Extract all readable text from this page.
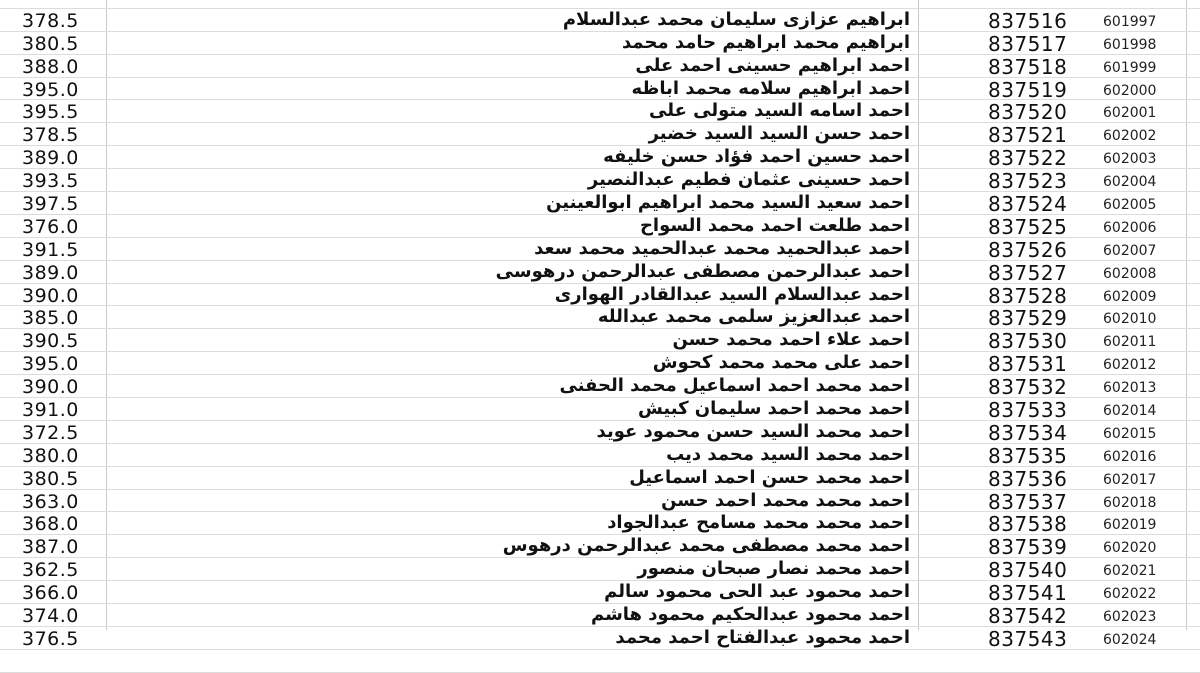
378.5	ابراهيم عزازى سليمان محمد عبدالسلام	837516	601997
380.5	ابراهيم محمد ابراهيم حامد محمد	837517	601998
388.0	احمد ابراهيم حسينى احمد على	837518	601999
395.0	احمد ابراهيم سلامه محمد اباظه	837519	602000
395.5	احمد اسامه السيد متولى على	837520	602001
378.5	احمد حسن السيد السيد خضير	837521	602002
389.0	احمد حسين احمد فؤاد حسن خليفه	837522	602003
393.5	احمد حسينى عثمان فطيم عبدالنصير	837523	602004
397.5	احمد سعيد السيد محمد ابراهيم ابوالعينين	837524	602005
376.0	احمد طلعت احمد محمد السواح	837525	602006
391.5	احمد عبدالحميد محمد عبدالحميد محمد سعد	837526	602007
389.0	احمد عبدالرحمن مصطفى عبدالرحمن درهوسى	837527	602008
390.0	احمد عبدالسلام السيد عبدالقادر الهوارى	837528	602009
385.0	احمد عبدالعزيز سلمى محمد عبدالله	837529	602010
390.5	احمد علاء احمد محمد حسن	837530	602011
395.0	احمد على محمد محمد كحوش	837531	602012
390.0	احمد محمد احمد اسماعيل محمد الحفنى	837532	602013
391.0	احمد محمد احمد سليمان كبيش	837533	602014
372.5	احمد محمد السيد حسن محمود عويد	837534	602015
380.0	احمد محمد السيد محمد ديب	837535	602016
380.5	احمد محمد حسن احمد اسماعيل	837536	602017
363.0	احمد محمد محمد احمد حسن	837537	602018
368.0	احمد محمد محمد مسامح عبدالجواد	837538	602019
387.0	احمد محمد مصطفى محمد عبدالرحمن درهوس	837539	602020
362.5	احمد محمد نصار صبحان منصور	837540	602021
366.0	احمد محمود عبد الحى محمود سالم	837541	602022
374.0	احمد محمود عبدالحكيم محمود هاشم	837542	602023
376.5	احمد محمود عبدالفتاح احمد محمد	837543	602024
